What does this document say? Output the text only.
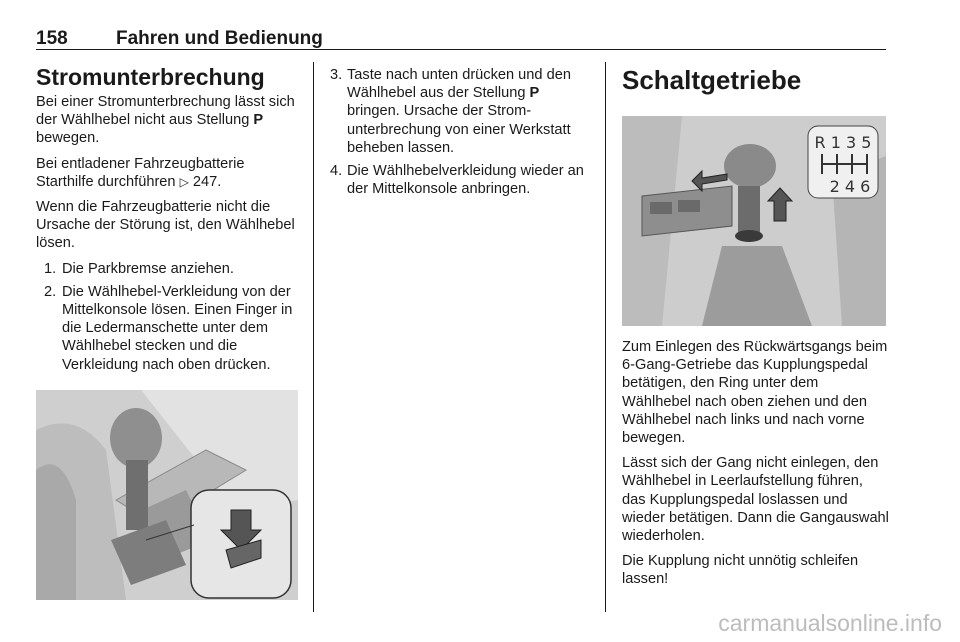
158	Fahren und Bedienung
Stromunterbrechung

Bei einer Stromunterbrechung lässt sich der Wählhebel nicht aus Stellung P bewegen.

Bei entladener Fahrzeugbatterie Starthilfe durchführen ▷ 247.

Wenn die Fahrzeugbatterie nicht die Ursache der Störung ist, den Wählhebel lösen.

1. Die Parkbremse anziehen.
2. Die Wählhebel-Verkleidung von der Mittelkonsole lösen. Einen Finger in die Ledermanschette unter dem Wählhebel stecken und die Verkleidung nach oben drücken.
3. Taste nach unten drücken und den Wählhebel aus der Stellung P bringen. Ursache der Stromunterbrechung von einer Werkstatt beheben lassen.
4. Die Wählhebelverkleidung wieder an der Mittelkonsole anbringen.
Schaltgetriebe
R 1 3 5
2 4 6

Zum Einlegen des Rückwärtsgangs beim 6-Gang-Getriebe das Kupplungspedal betätigen, den Ring unter dem Wählhebel nach oben ziehen und den Wählhebel nach links und nach vorne bewegen.

Lässt sich der Gang nicht einlegen, den Wählhebel in Leerlaufstellung führen, das Kupplungspedal loslassen und wieder betätigen. Dann die Gangauswahl wiederholen.

Die Kupplung nicht unnötig schleifen lassen!

carmanualsonline.info
